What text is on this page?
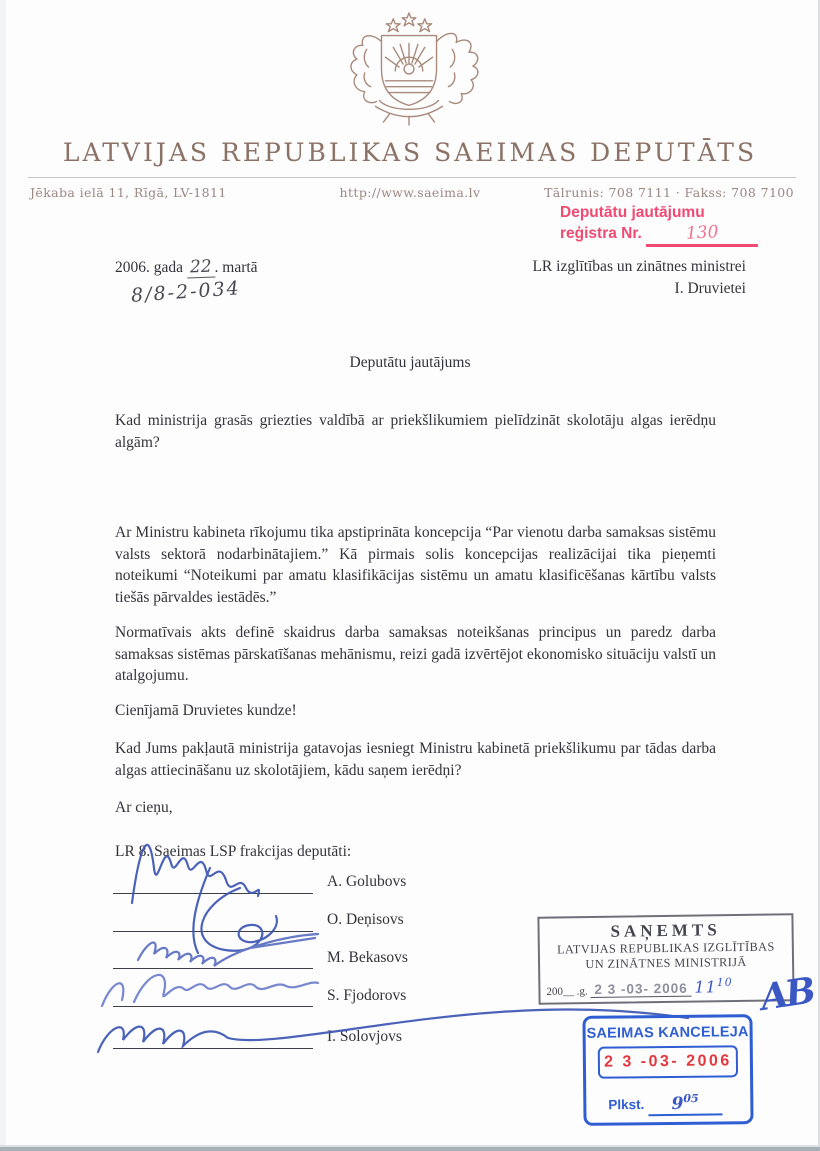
LATVIJAS REPUBLIKAS SAEIMAS DEPUTĀTS
Jēkaba ielā 11, Rīgā, LV-1811	http://www.saeima.lv	Tālrunis: 708 7111 · Fakss: 708 7100
Deputātu jautājumu
reģistra Nr.	130
2006. gada 22 . martā
8/8-2-034
LR izglītības un zinātnes ministrei
I. Druvietei
Deputātu jautājums
Kad ministrija grasās griezties valdībā ar priekšlikumiem pielīdzināt skolotāju algas ierēdņu algām?
Ar Ministru kabineta rīkojumu tika apstiprināta koncepcija “Par vienotu darba samaksas sistēmu valsts sektorā nodarbinātajiem.” Kā pirmais solis koncepcijas realizācijai tika pieņemti noteikumi “Noteikumi par amatu klasifikācijas sistēmu un amatu klasificēšanas kārtību valsts tiešās pārvaldes iestādēs.”
Normatīvais akts definē skaidrus darba samaksas noteikšanas principus un paredz darba samaksas sistēmas pārskatīšanas mehānismu, reizi gadā izvērtējot ekonomisko situāciju valstī un atalgojumu.
Cienījamā Druvietes kundze!
Kad Jums pakļautā ministrija gatavojas iesniegt Ministru kabinetā priekšlikumu par tādas darba algas attiecināšanu uz skolotājiem, kādu saņem ierēdņi?
Ar cieņu,
LR 8. Saeimas LSP frakcijas deputāti:
A. Golubovs
O. Deņisovs
M. Bekasovs
S. Fjodorovs
I. Solovjovs
SAŅEMTS
LATVIJAS REPUBLIKAS IZGLĪTĪBAS
UN ZINĀTNES MINISTRIJĀ
200__ .g. 2 3 -03- 2006 $11^{10}$ AB
SAEIMAS KANCELEJA
2 3 -03- 2006
Plkst. $9^{05}$
